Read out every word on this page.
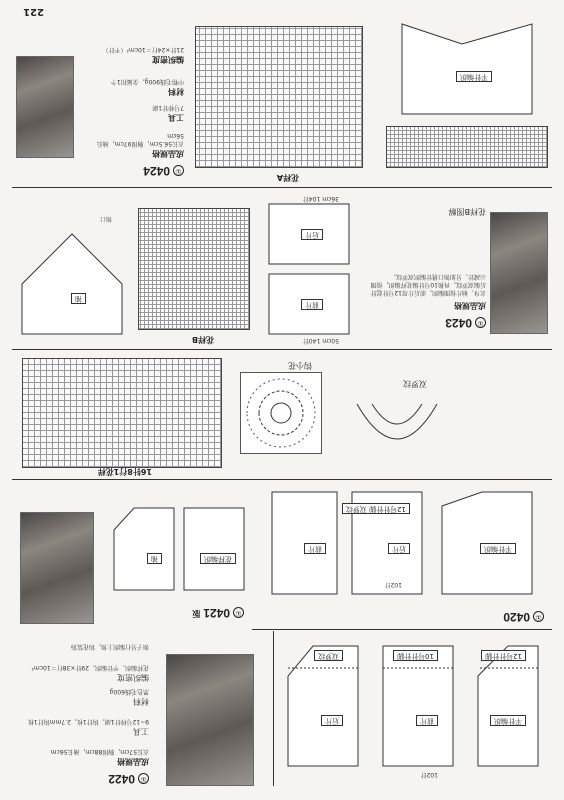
12号针针脚
平针编织
前片
10号针针脚
后片
双罗纹
102针
①
0422
成品规格
衣长57cm，胸围88cm，袖长56cm
工具
9~12号棒针1副，钩针1枚，2.7mm钩针1枚
材料
黑色毛线600g
编织密度
花样编织、平针编织，29针×38行＝10cm²
领子另行编织上领，钩花装饰
①
0420
平针编织
后片
前片
12号针针脚 双罗纹
102针
①
0421
版
花样编织
袖
16针8行1花样
钩小花
双罗纹
①
0423
成品规格
衣身、袖片按图编织，前后片用12号针起针后编双罗纹，再换10号针编花样编织，按图示减针，另加领口挑针编织双罗纹。
花样B图解
前片
后片
50cm 140针
36cm 104针
花样B
袖
领口
平针编织
花样A
①
0424
成品规格
衣长56.5cm，胸围97cm，袖长56cm
工具
7号棒针1副
材料
中粗毛线900g，金属扣1个
编织密度
21针×24行＝10cm²（平针）
221
